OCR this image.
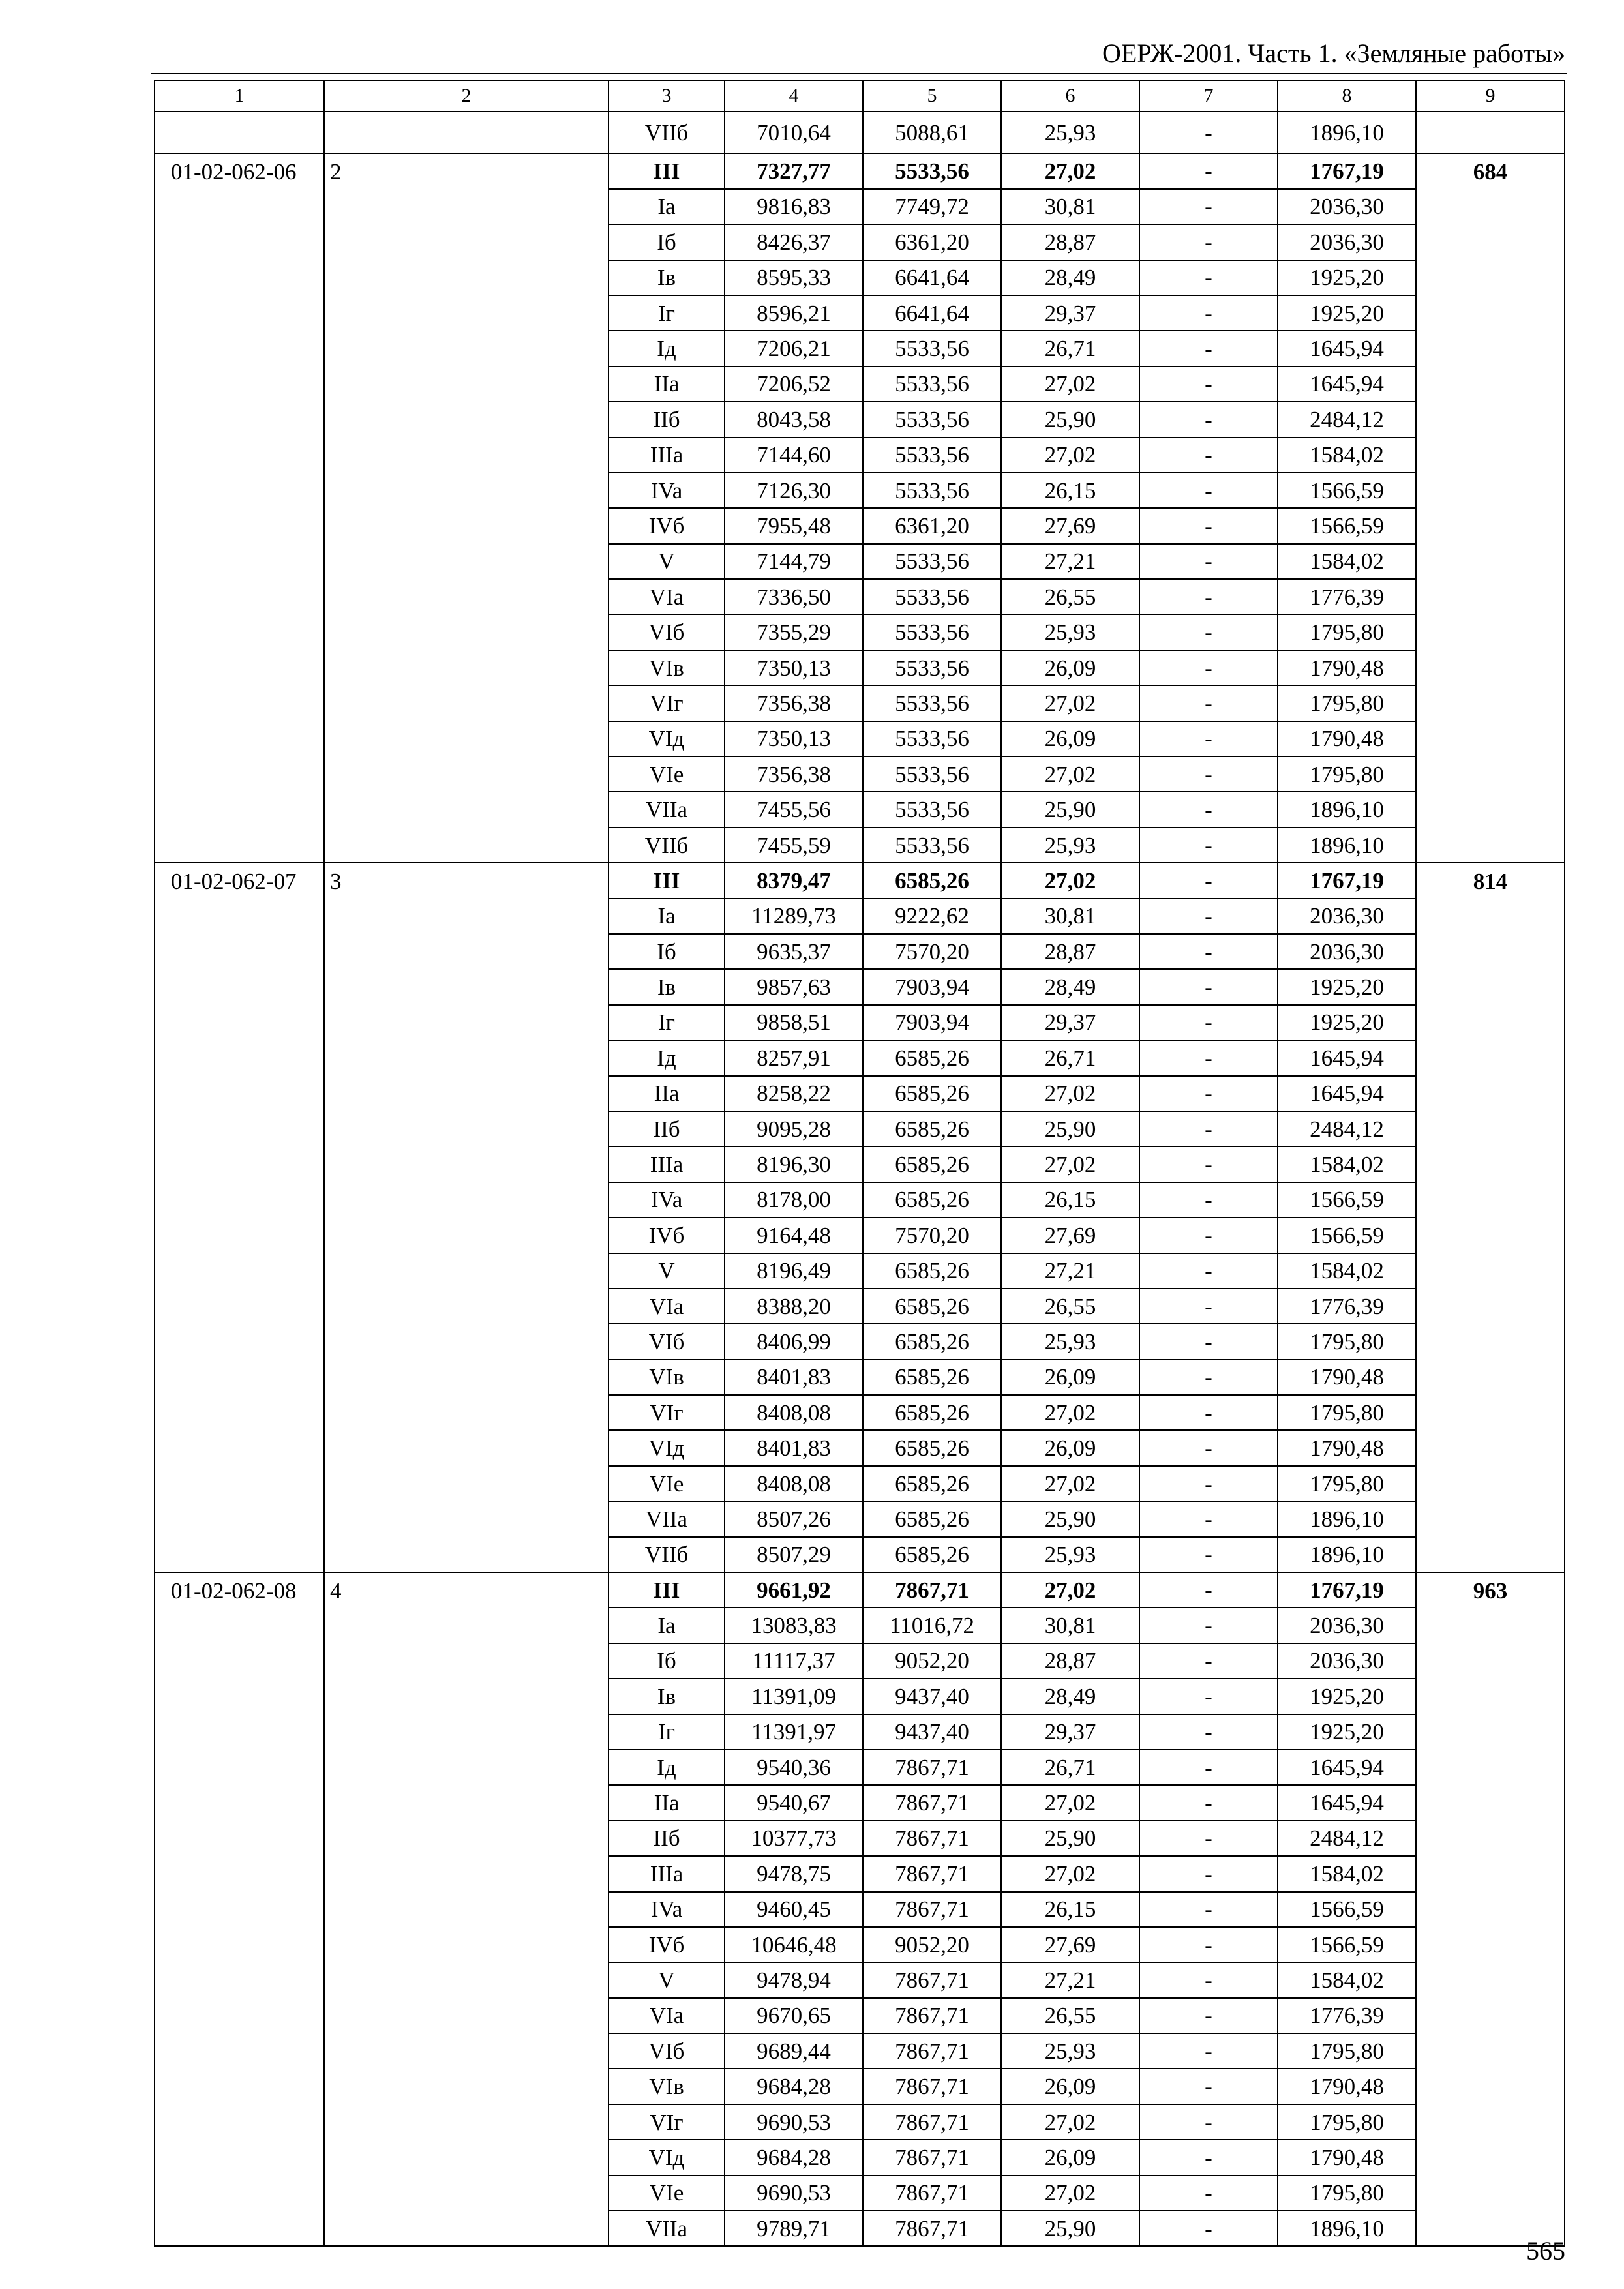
ОЕРЖ-2001. Часть 1. «Земляные работы»
1	2	3	4	5	6	7	8	9
		VIIб	7010,64	5088,61	25,93	-	1896,10	
01-02-062-06	2	III	7327,77	5533,56	27,02	-	1767,19	684
		Ia	9816,83	7749,72	30,81	-	2036,30	
		Iб	8426,37	6361,20	28,87	-	2036,30	
		Iв	8595,33	6641,64	28,49	-	1925,20	
		Iг	8596,21	6641,64	29,37	-	1925,20	
		Iд	7206,21	5533,56	26,71	-	1645,94	
		IIa	7206,52	5533,56	27,02	-	1645,94	
		IIб	8043,58	5533,56	25,90	-	2484,12	
		IIIa	7144,60	5533,56	27,02	-	1584,02	
		IVa	7126,30	5533,56	26,15	-	1566,59	
		IVб	7955,48	6361,20	27,69	-	1566,59	
		V	7144,79	5533,56	27,21	-	1584,02	
		VIa	7336,50	5533,56	26,55	-	1776,39	
		VIб	7355,29	5533,56	25,93	-	1795,80	
		VIв	7350,13	5533,56	26,09	-	1790,48	
		VIг	7356,38	5533,56	27,02	-	1795,80	
		VIд	7350,13	5533,56	26,09	-	1790,48	
		VIe	7356,38	5533,56	27,02	-	1795,80	
		VIIa	7455,56	5533,56	25,90	-	1896,10	
		VIIб	7455,59	5533,56	25,93	-	1896,10	
01-02-062-07	3	III	8379,47	6585,26	27,02	-	1767,19	814
		Ia	11289,73	9222,62	30,81	-	2036,30	
		Iб	9635,37	7570,20	28,87	-	2036,30	
		Iв	9857,63	7903,94	28,49	-	1925,20	
		Iг	9858,51	7903,94	29,37	-	1925,20	
		Iд	8257,91	6585,26	26,71	-	1645,94	
		IIa	8258,22	6585,26	27,02	-	1645,94	
		IIб	9095,28	6585,26	25,90	-	2484,12	
		IIIa	8196,30	6585,26	27,02	-	1584,02	
		IVa	8178,00	6585,26	26,15	-	1566,59	
		IVб	9164,48	7570,20	27,69	-	1566,59	
		V	8196,49	6585,26	27,21	-	1584,02	
		VIa	8388,20	6585,26	26,55	-	1776,39	
		VIб	8406,99	6585,26	25,93	-	1795,80	
		VIв	8401,83	6585,26	26,09	-	1790,48	
		VIг	8408,08	6585,26	27,02	-	1795,80	
		VIд	8401,83	6585,26	26,09	-	1790,48	
		VIe	8408,08	6585,26	27,02	-	1795,80	
		VIIa	8507,26	6585,26	25,90	-	1896,10	
		VIIб	8507,29	6585,26	25,93	-	1896,10	
01-02-062-08	4	III	9661,92	7867,71	27,02	-	1767,19	963
		Ia	13083,83	11016,72	30,81	-	2036,30	
		Iб	11117,37	9052,20	28,87	-	2036,30	
		Iв	11391,09	9437,40	28,49	-	1925,20	
		Iг	11391,97	9437,40	29,37	-	1925,20	
		Iд	9540,36	7867,71	26,71	-	1645,94	
		IIa	9540,67	7867,71	27,02	-	1645,94	
		IIб	10377,73	7867,71	25,90	-	2484,12	
		IIIa	9478,75	7867,71	27,02	-	1584,02	
		IVa	9460,45	7867,71	26,15	-	1566,59	
		IVб	10646,48	9052,20	27,69	-	1566,59	
		V	9478,94	7867,71	27,21	-	1584,02	
		VIa	9670,65	7867,71	26,55	-	1776,39	
		VIб	9689,44	7867,71	25,93	-	1795,80	
		VIв	9684,28	7867,71	26,09	-	1790,48	
		VIг	9690,53	7867,71	27,02	-	1795,80	
		VIд	9684,28	7867,71	26,09	-	1790,48	
		VIe	9690,53	7867,71	27,02	-	1795,80	
		VIIa	9789,71	7867,71	25,90	-	1896,10	
565
